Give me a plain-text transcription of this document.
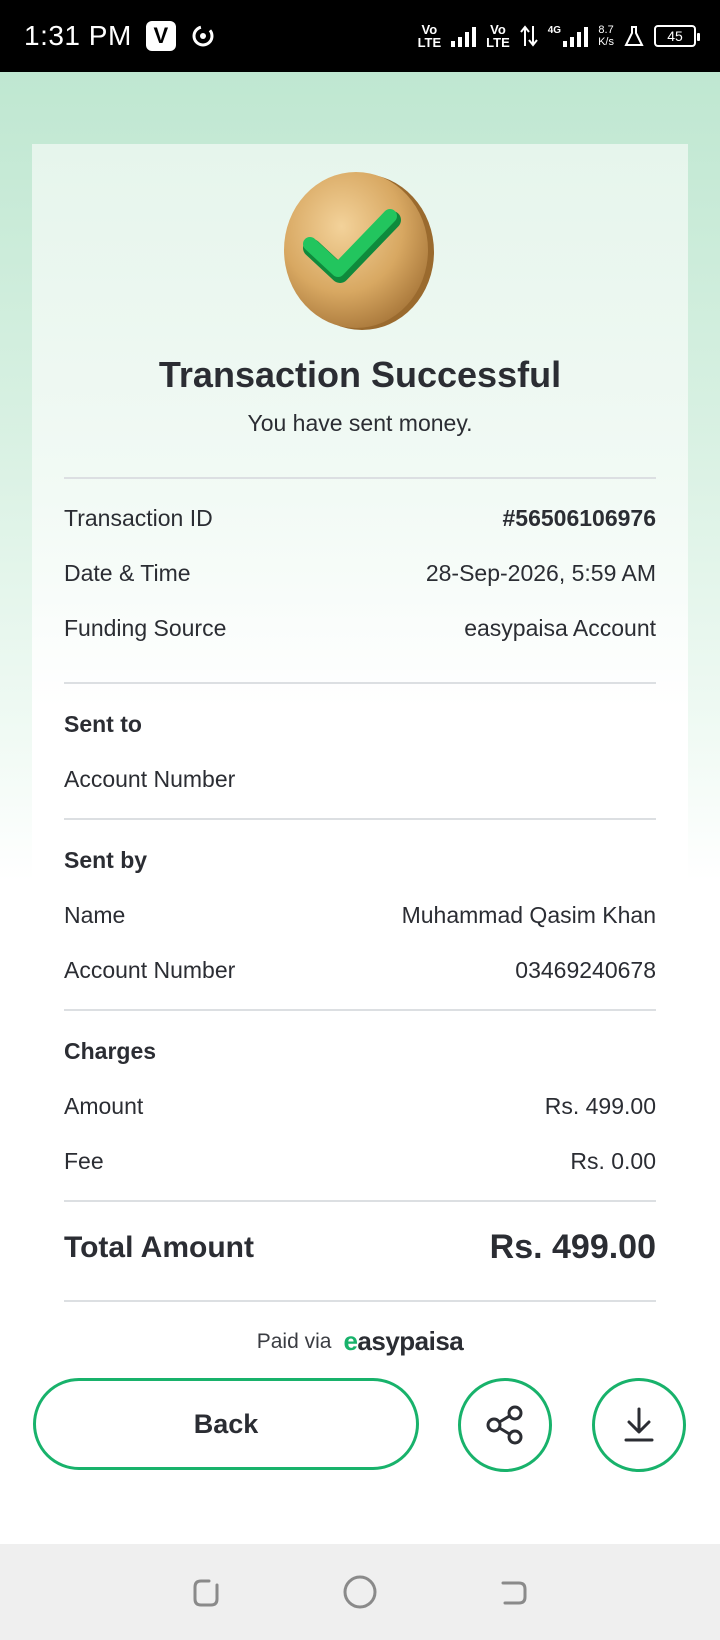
1:31 PM V	Vo
LTE
Vo
LTE
4G	8.7
K/s	45
Transaction Successful
You have sent money.
Transaction ID	#56506106976
Date & Time	28-Sep-2026, 5:59 AM
Funding Source	easypaisa Account
Sent to
Account Number
Sent by
Name	Muhammad Qasim Khan
Account Number	03469240678
Charges
Amount	Rs. 499.00
Fee	Rs. 0.00
Total Amount	Rs. 499.00
Paid via easypaisa
Back
